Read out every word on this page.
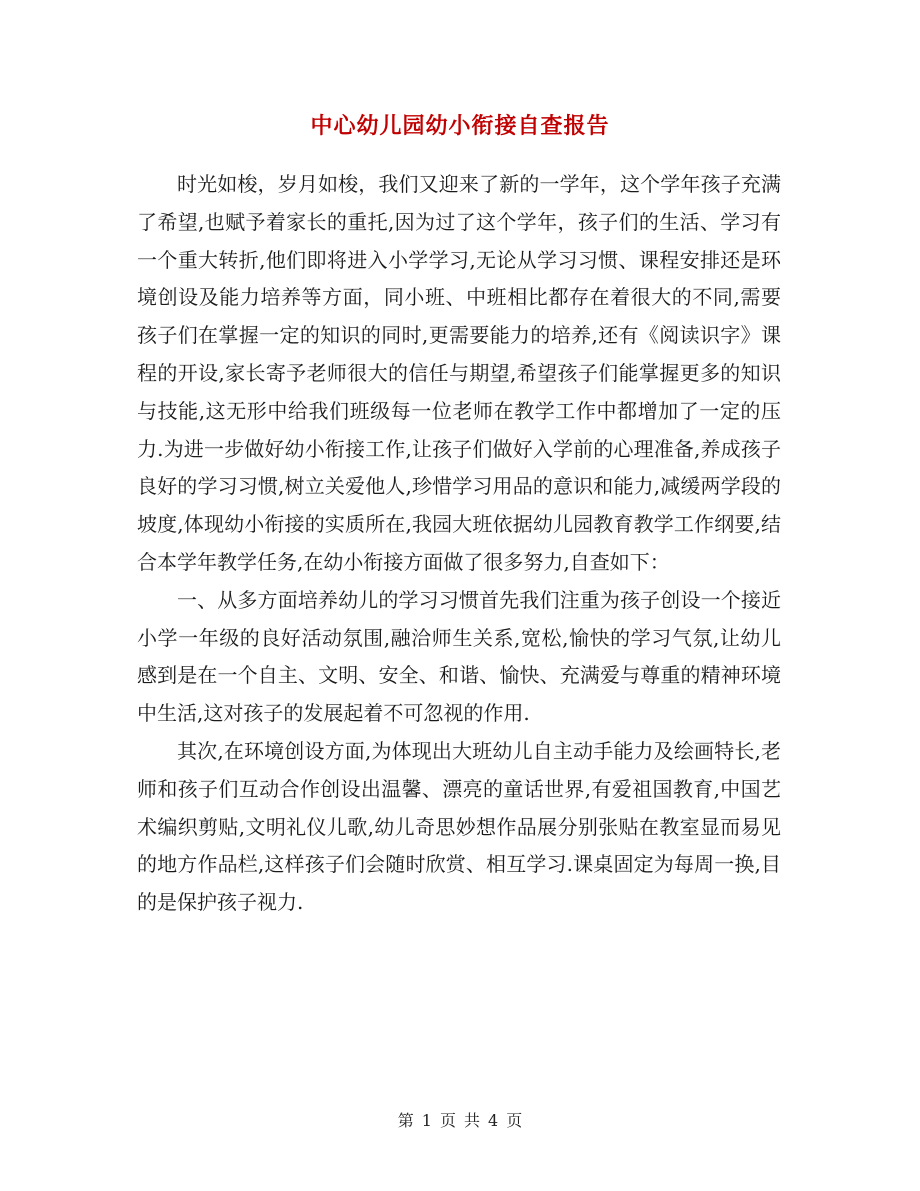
中心幼儿园幼小衔接自查报告

时光如梭，岁月如梭，我们又迎来了新的一学年，这个学年孩子充满了希望,也赋予着家长的重托,因为过了这个学年，孩子们的生活、学习有一个重大转折,他们即将进入小学学习,无论从学习习惯、课程安排还是环境创设及能力培养等方面，同小班、中班相比都存在着很大的不同,需要孩子们在掌握一定的知识的同时,更需要能力的培养,还有《阅读识字》课程的开设,家长寄予老师很大的信任与期望,希望孩子们能掌握更多的知识与技能,这无形中给我们班级每一位老师在教学工作中都增加了一定的压力.为进一步做好幼小衔接工作,让孩子们做好入学前的心理准备,养成孩子良好的学习习惯,树立关爱他人,珍惜学习用品的意识和能力,减缓两学段的坡度,体现幼小衔接的实质所在,我园大班依据幼儿园教育教学工作纲要,结合本学年教学任务,在幼小衔接方面做了很多努力,自查如下：

一、从多方面培养幼儿的学习习惯首先我们注重为孩子创设一个接近小学一年级的良好活动氛围,融洽师生关系,宽松,愉快的学习气氛,让幼儿感到是在一个自主、文明、安全、和谐、愉快、充满爱与尊重的精神环境中生活,这对孩子的发展起着不可忽视的作用.

其次,在环境创设方面,为体现出大班幼儿自主动手能力及绘画特长,老师和孩子们互动合作创设出温馨、漂亮的童话世界,有爱祖国教育,中国艺术编织剪贴,文明礼仪儿歌,幼儿奇思妙想作品展分别张贴在教室显而易见的地方作品栏,这样孩子们会随时欣赏、相互学习.课桌固定为每周一换,目的是保护孩子视力.

第 1 页 共 4 页
